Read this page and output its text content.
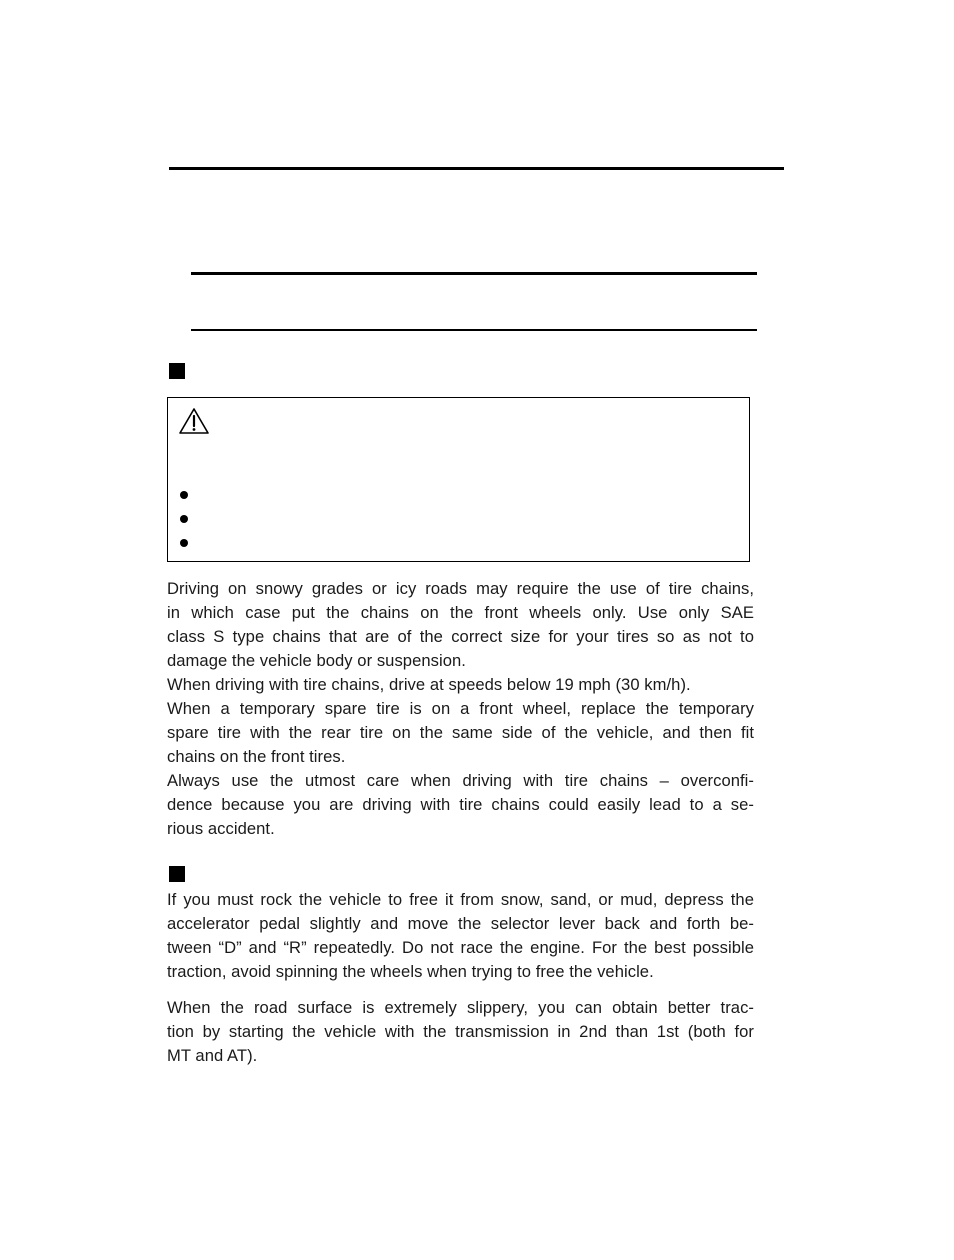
Driving on snowy grades or icy roads may require the use of tire chains,
in which case put the chains on the front wheels only. Use only SAE
class S type chains that are of the correct size for your tires so as not to
damage the vehicle body or suspension.
When driving with tire chains, drive at speeds below 19 mph (30 km/h).
When a temporary spare tire is on a front wheel, replace the temporary
spare tire with the rear tire on the same side of the vehicle, and then fit
chains on the front tires.
Always use the utmost care when driving with tire chains – overconfi-
dence because you are driving with tire chains could easily lead to a se-
rious accident.

If you must rock the vehicle to free it from snow, sand, or mud, depress the
accelerator pedal slightly and move the selector lever back and forth be-
tween “D” and “R” repeatedly. Do not race the engine. For the best possible
traction, avoid spinning the wheels when trying to free the vehicle.

When the road surface is extremely slippery, you can obtain better trac-
tion by starting the vehicle with the transmission in 2nd than 1st (both for
MT and AT).
